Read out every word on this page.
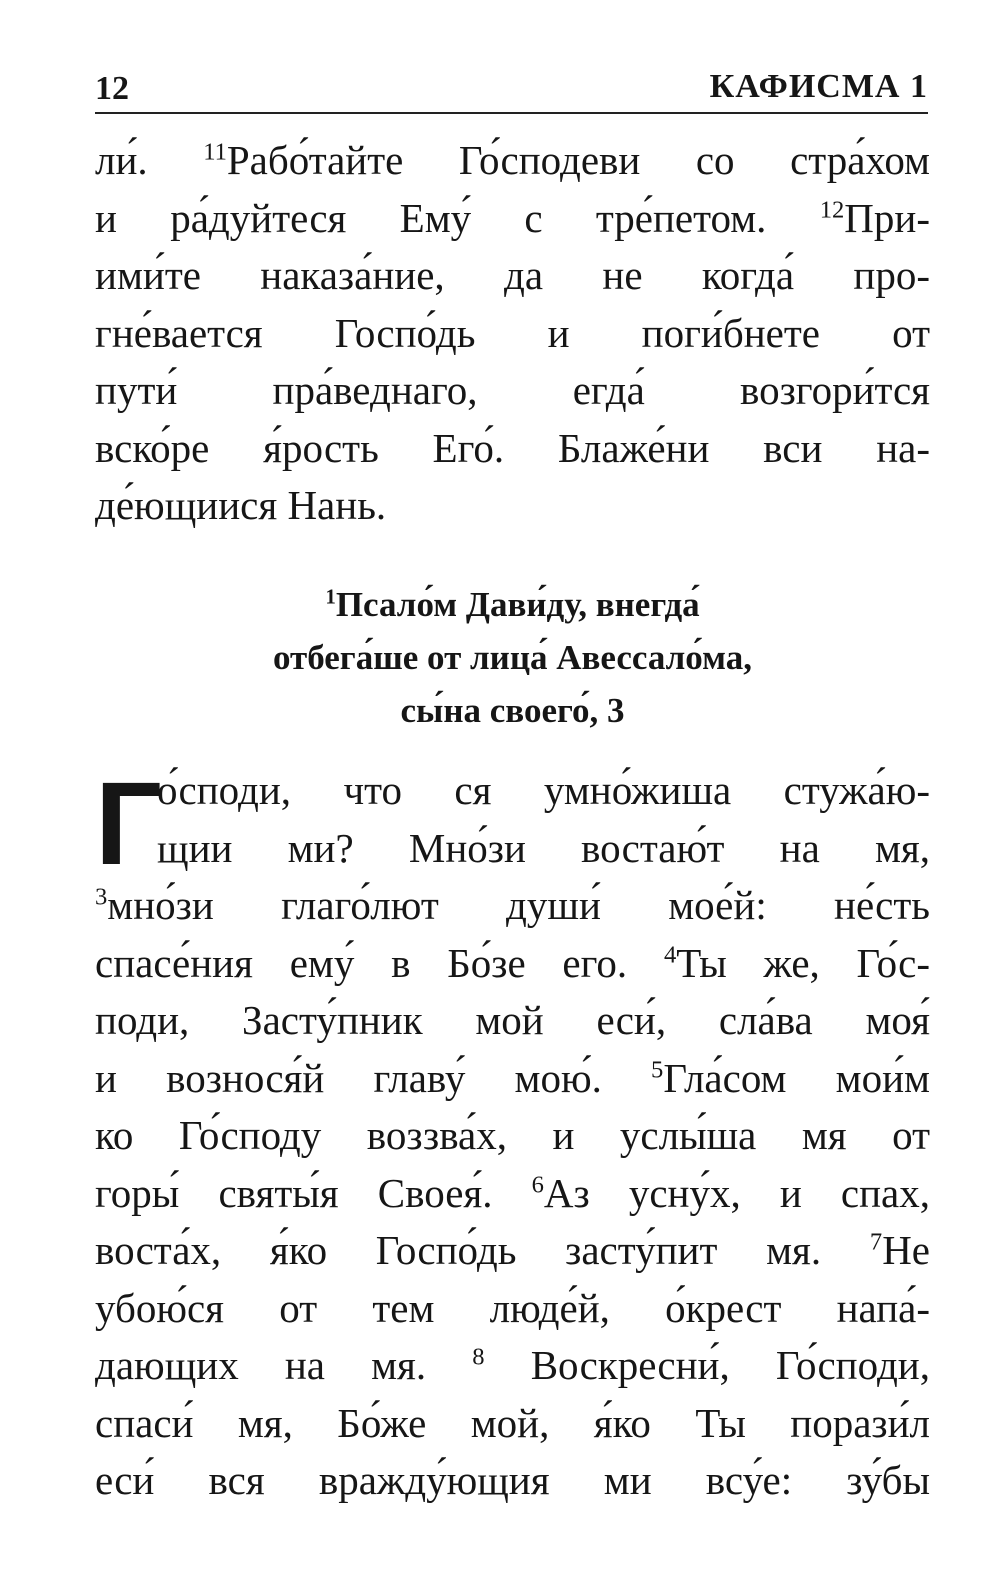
12	КАФИСМА 1
ли́. $^{11}$Рабо́тайте Го́сподеви со стра́хом
и ра́дуйтеся Ему́ с тре́петом. $^{12}$При-
ими́те наказа́ние, да не когда́ про-
гне́вается Госпо́дь и поги́бнете от
пути́ пра́веднаго, егда́ возгори́тся
вско́ре я́рость Его́. Блаже́ни вси на-
де́ющиися Нань.
$^1$Псало́м Дави́ду, внегда́
отбега́ше от лица́ Авессало́ма,
сы́на своего́, 3
Г
о́споди, что ся умно́жиша стужа́ю-
щии ми? Мно́зи востаю́т на мя,
$^3$мно́зи глаго́лют души́ мое́й: не́сть
спасе́ния ему́ в Бо́зе его. $^4$Ты же, Го́с-
поди, Засту́пник мой еси́, сла́ва моя́
и вознося́й главу́ мою́. $^5$Гла́сом мои́м
ко Го́споду воззва́х, и услы́ша мя от
горы́ святы́я Своея́. $^6$Аз усну́х, и спах,
воста́х, я́ко Госпо́дь засту́пит мя. $^7$Не
убою́ся от тем люде́й, о́крест напа́-
дающих на мя. $^8$ Воскресни́, Го́споди,
спаси́ мя, Бо́же мой, я́ко Ты порази́л
еси́ вся вражду́ющия ми всу́е: зу́бы
